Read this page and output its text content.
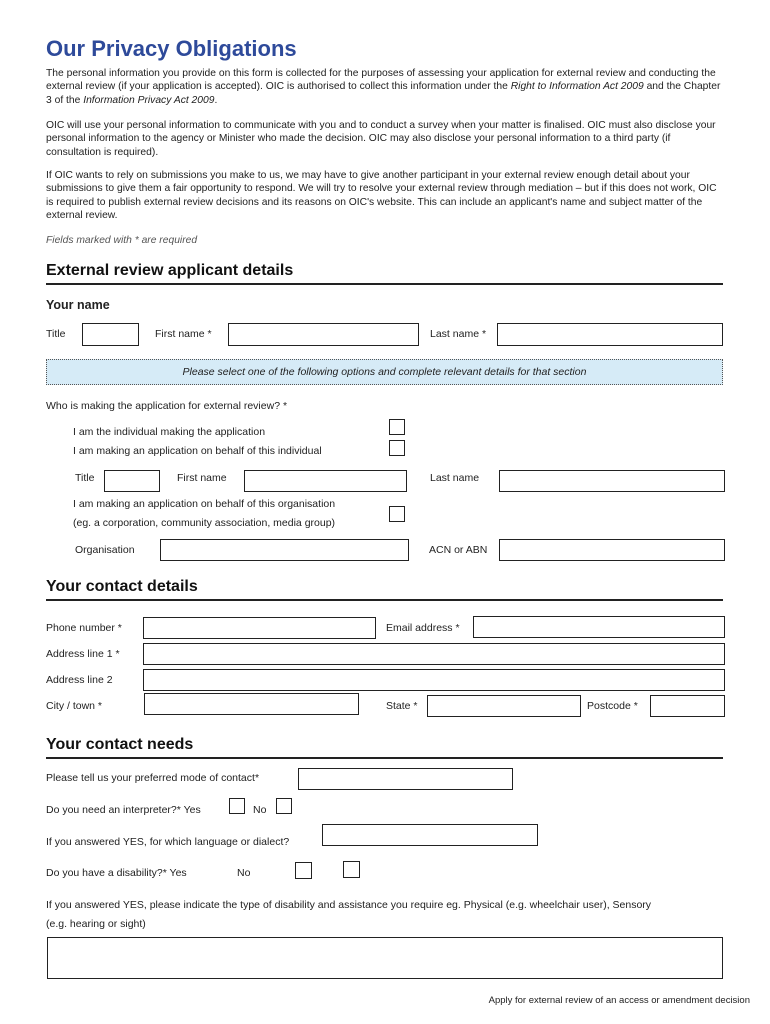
Our Privacy Obligations

The personal information you provide on this form is collected for the purposes of assessing your application for external review and conducting the external review (if your application is accepted). OIC is authorised to collect this information under the Right to Information Act 2009 and the Chapter 3 of the Information Privacy Act 2009.

OIC will use your personal information to communicate with you and to conduct a survey when your matter is finalised. OIC must also disclose your personal information to the agency or Minister who made the decision. OIC may also disclose your personal information to a third party (if consultation is required).

If OIC wants to rely on submissions you make to us, we may have to give another participant in your external review enough detail about your submissions to give them a fair opportunity to respond. We will try to resolve your external review through mediation – but if this does not work, OIC is required to publish external review decisions and its reasons on OIC's website. This can include an applicant's name and subject matter of the external review.

Fields marked with * are required

External review applicant details
Your name
Title	First name *	Last name *
Please select one of the following options and complete relevant details for that section
Who is making the application for external review? *
I am the individual making the application
I am making an application on behalf of this individual
Title	First name	Last name
I am making an application on behalf of this organisation
(eg. a corporation, community association, media group)
Organisation	ACN or ABN
Your contact details
Phone number *	Email address *
Address line 1 *
Address line 2
City / town *	State *	Postcode *
Your contact needs
Please tell us your preferred mode of contact*
Do you need an interpreter?* Yes	No
If you answered YES, for which language or dialect?
Do you have a disability?* Yes	No
If you answered YES, please indicate the type of disability and assistance you require eg. Physical (e.g. wheelchair user), Sensory
(e.g. hearing or sight)
Apply for external review of an access or amendment decision
